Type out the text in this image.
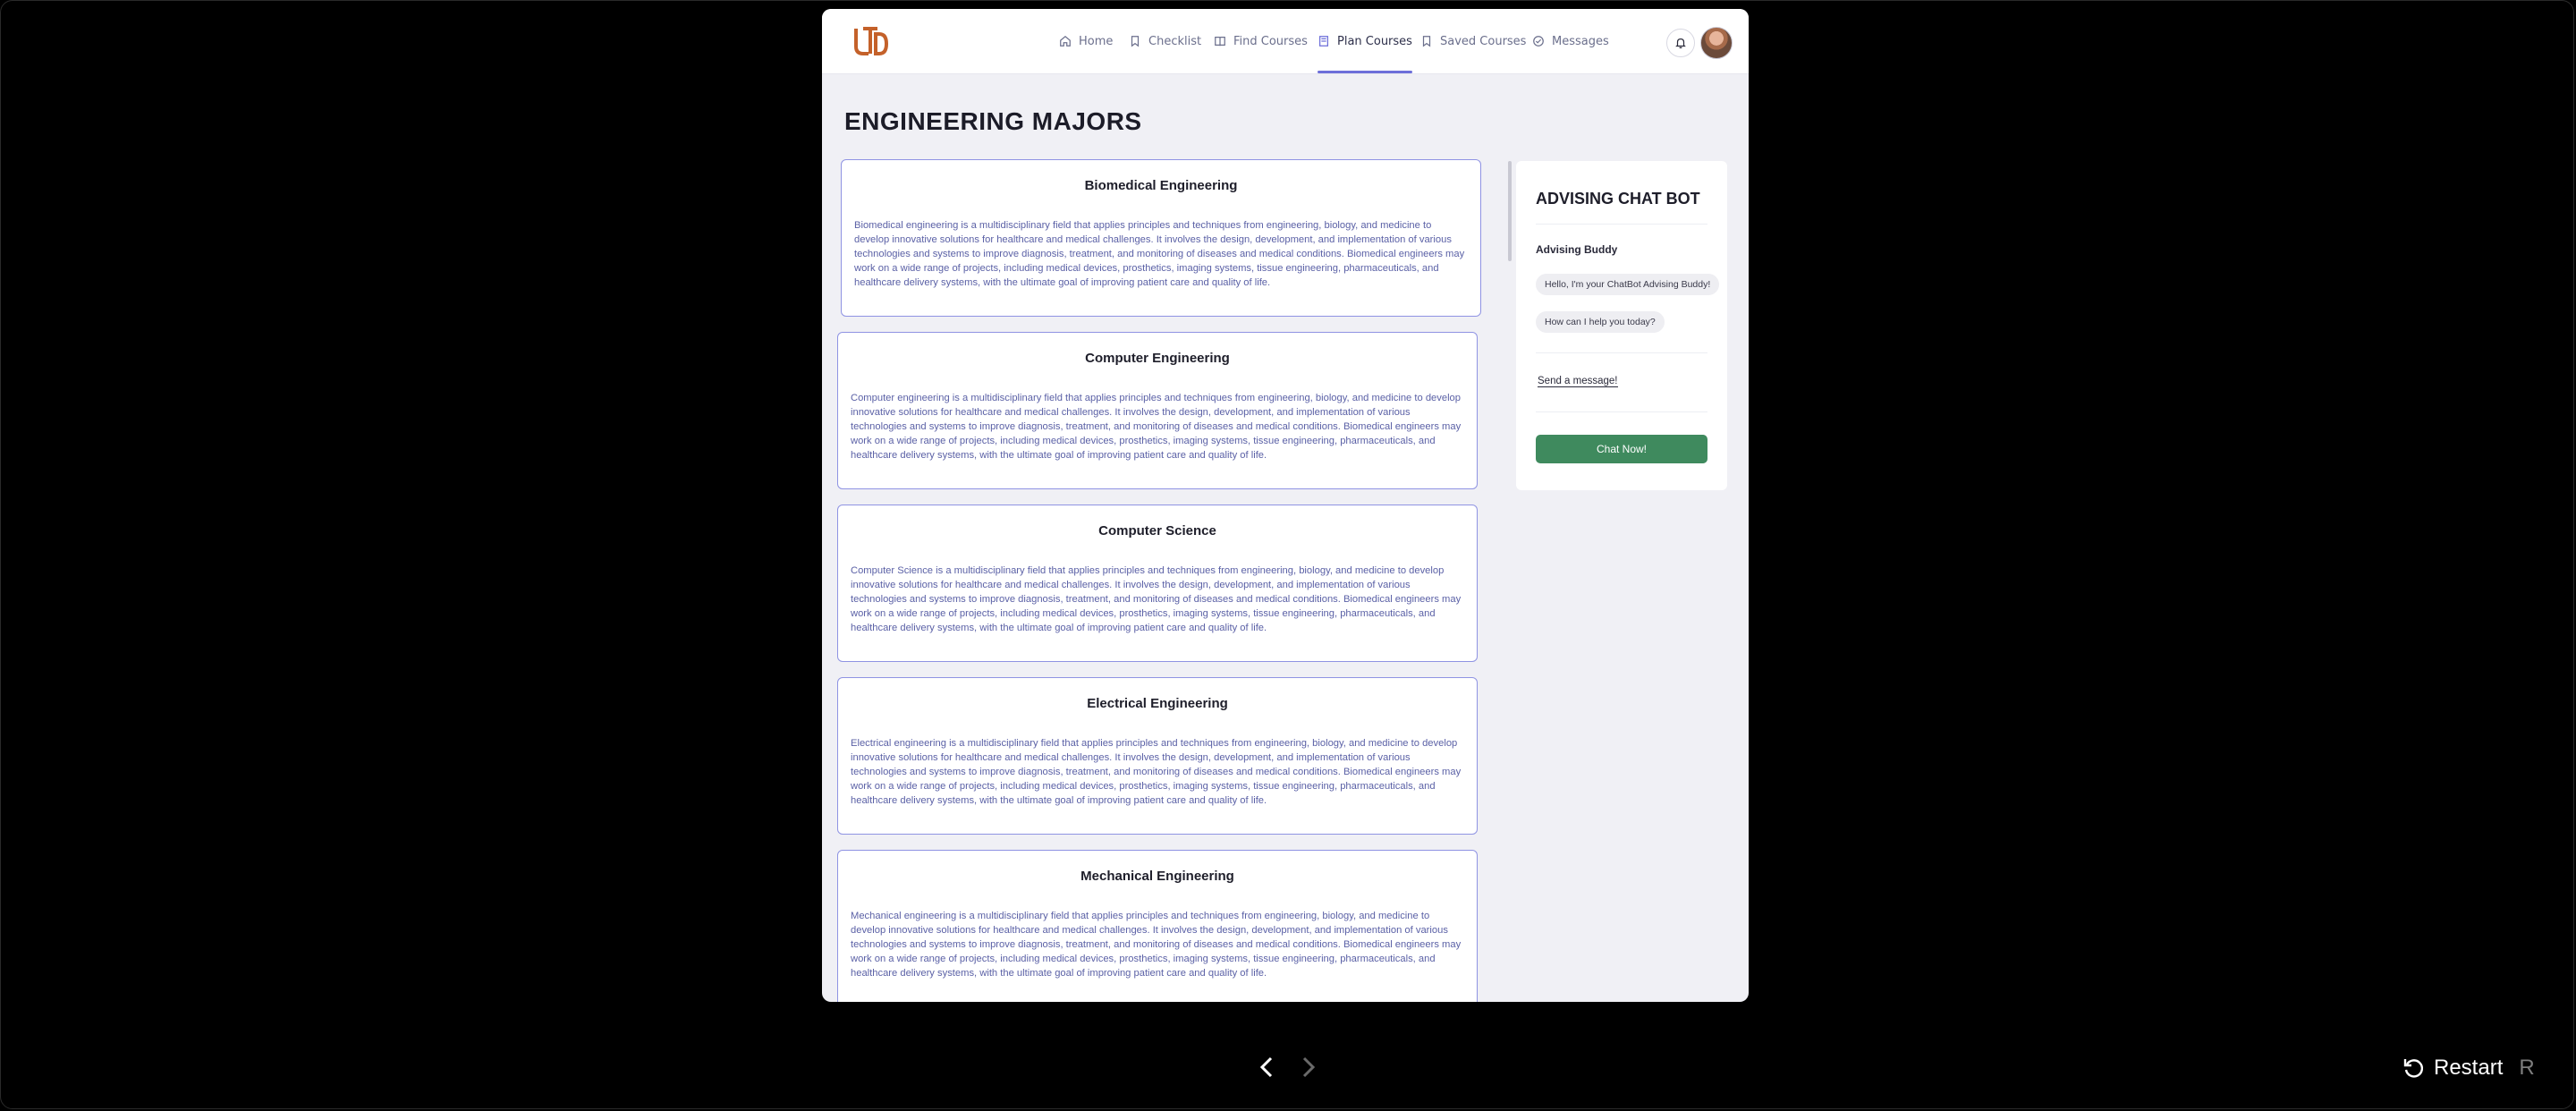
Home	Checklist	Find Courses	Plan Courses Saved Courses Messages
ENGINEERING MAJORS
Biomedical Engineering

Biomedical engineering is a multidisciplinary field that applies principles and techniques from engineering, biology, and medicine to develop innovative solutions for healthcare and medical challenges. It involves the design, development, and implementation of various technologies and systems to improve diagnosis, treatment, and monitoring of diseases and medical conditions. Biomedical engineers may work on a wide range of projects, including medical devices, prosthetics, imaging systems, tissue engineering, pharmaceuticals, and healthcare delivery systems, with the ultimate goal of improving patient care and quality of life.

Computer Engineering

Computer engineering is a multidisciplinary field that applies principles and techniques from engineering, biology, and medicine to develop innovative solutions for healthcare and medical challenges. It involves the design, development, and implementation of various technologies and systems to improve diagnosis, treatment, and monitoring of diseases and medical conditions. Biomedical engineers may work on a wide range of projects, including medical devices, prosthetics, imaging systems, tissue engineering, pharmaceuticals, and healthcare delivery systems, with the ultimate goal of improving patient care and quality of life.

Computer Science

Computer Science is a multidisciplinary field that applies principles and techniques from engineering, biology, and medicine to develop innovative solutions for healthcare and medical challenges. It involves the design, development, and implementation of various technologies and systems to improve diagnosis, treatment, and monitoring of diseases and medical conditions. Biomedical engineers may work on a wide range of projects, including medical devices, prosthetics, imaging systems, tissue engineering, pharmaceuticals, and healthcare delivery systems, with the ultimate goal of improving patient care and quality of life.

Electrical Engineering

Electrical engineering is a multidisciplinary field that applies principles and techniques from engineering, biology, and medicine to develop innovative solutions for healthcare and medical challenges. It involves the design, development, and implementation of various technologies and systems to improve diagnosis, treatment, and monitoring of diseases and medical conditions. Biomedical engineers may work on a wide range of projects, including medical devices, prosthetics, imaging systems, tissue engineering, pharmaceuticals, and healthcare delivery systems, with the ultimate goal of improving patient care and quality of life.

Mechanical Engineering

Mechanical engineering is a multidisciplinary field that applies principles and techniques from engineering, biology, and medicine to develop innovative solutions for healthcare and medical challenges. It involves the design, development, and implementation of various technologies and systems to improve diagnosis, treatment, and monitoring of diseases and medical conditions. Biomedical engineers may work on a wide range of projects, including medical devices, prosthetics, imaging systems, tissue engineering, pharmaceuticals, and healthcare delivery systems, with the ultimate goal of improving patient care and quality of life.

ADVISING CHAT BOT
Advising Buddy
Hello, I'm your ChatBot Advising Buddy!
How can I help you today?
Send a message!
Chat Now!
Restart R
